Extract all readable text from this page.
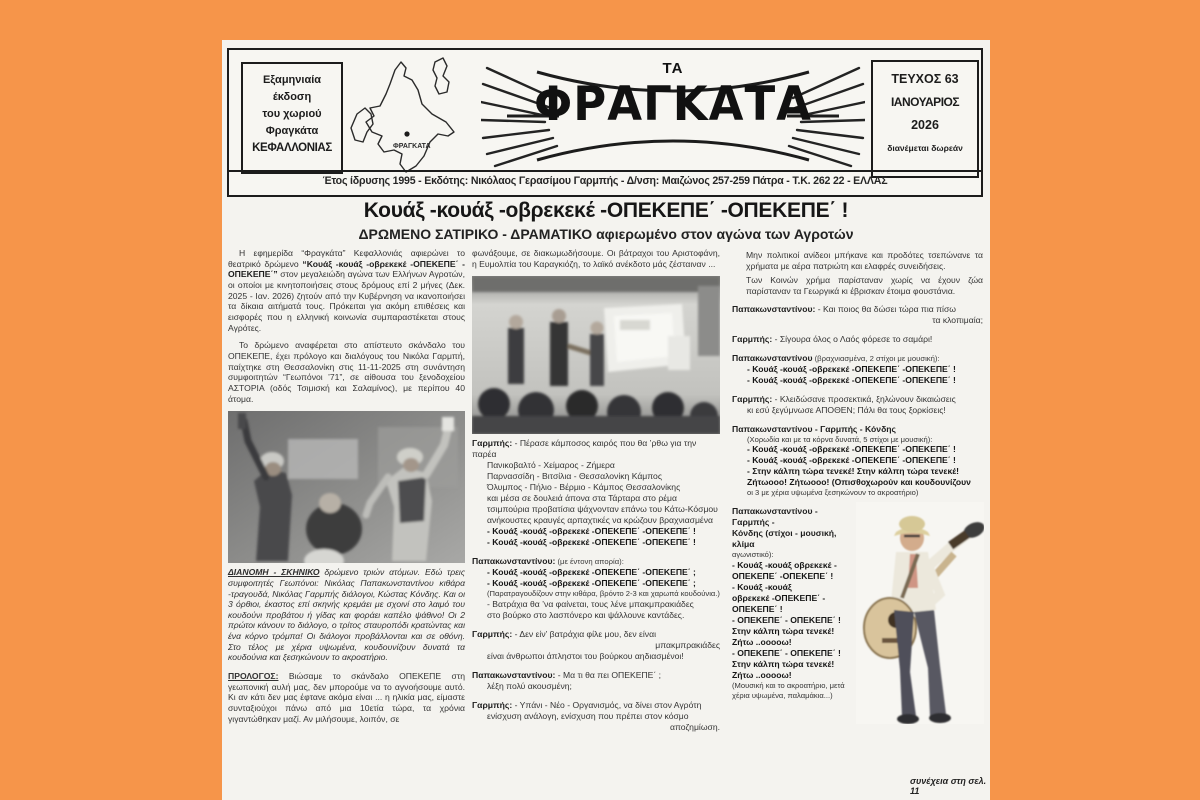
Εξαμηνιαία
έκδοση
του χωριού
Φραγκάτα
ΚΕΦΑΛΛΟΝΙΑΣ	ΦΡΑΓΚΑΤΑ
ΤΑ
ΦΡΑΓΚΑΤΑ	ΤΕΥΧΟΣ 63
ΙΑΝΟΥΑΡΙΟΣ
2026
διανέμεται δωρεάν
Έτος ίδρυσης 1995 - Εκδότης: Νικόλαος Γερασίμου Γαρμπής - Δ/νση: Μαιζώνος 257-259 Πάτρα - Τ.Κ. 262 22 - ΕΛΛΑΣ
Κουάξ -κουάξ -οβρεκεκέ -ΟΠΕΚΕΠΕ΄ -ΟΠΕΚΕΠΕ΄ !
ΔΡΩΜΕΝΟ ΣΑΤΙΡΙΚΟ - ΔΡΑΜΑΤΙΚΟ αφιερωμένο στον αγώνα των Αγροτών

Η εφημερίδα “Φραγκάτα” Κεφαλλονιάς αφιερώνει το θεατρικό δρώμενο “Κουάξ -κουάξ -οβρεκεκέ -ΟΠΕΚΕΠΕ΄ - ΟΠΕΚΕΠΕ΄” στον μεγαλειώδη αγώνα των Ελλήνων Αγροτών, οι οποίοι με κινητοποιήσεις στους δρόμους επί 2 μήνες (Δεκ. 2025 - Ιαν. 2026) ζητούν από την Κυβέρνηση να ικανοποιήσει τα δίκαια αιτήματά τους. Πρόκειται για ακόμη επιθέσεις και εισφορές που η ελληνική κοινωνία συμπαραστέκεται στους Αγρότες.

Το δρώμενο αναφέρεται στο απίστευτο σκάνδαλο του ΟΠΕΚΕΠΕ, έχει πρόλογο και διαλόγους του Νικόλα Γαρμπή, παίχτηκε στη Θεσσαλονίκη στις 11-11-2025 στη συνάντηση συμφοιτητών “Γεωπόνοι ’71”, σε αίθουσα του ξενοδοχείου ΑΣΤΟΡΙΑ (οδός Τσιμισκή και Σαλαμίνος), με περίπου 40 άτομα.

ΔΙΑΝΟΜΗ - ΣΚΗΝΙΚΟ δρώμενο τριών ατόμων. Εδώ τρεις συμφοιτητές Γεωπόνοι: Νικόλας Παπακωνσταντίνου κιθάρα -τραγουδά, Νικόλας Γαρμπής διάλογοι, Κώστας Κόνδης. Και οι 3 όρθιοι, έκαστος επί σκηνής κρεμάει με σχοινί στο λαιμό του κουδούνι προβάτου ή γίδας και φοράει καπέλο ψάθινο! Οι 2 πρώτοι κάνουν το διάλογο, ο τρίτος σταυροπόδι κρατώντας και ένα κόρνο τρόμπα! Οι διάλογοι προβάλλονται και σε οθόνη. Στο τέλος με χέρια υψωμένα, κουδουνίζουν δυνατά τα κουδούνια και ξεσηκώνουν το ακροατήριο.

ΠΡΟΛΟΓΟΣ: Βιώσαμε το σκάνδαλο ΟΠΕΚΕΠΕ στη γεωπονική αυλή μας, δεν μπορούμε να το αγνοήσουμε αυτό. Κι αν κάτι δεν μας έφτανε ακόμα είναι ... η ηλικία μας, είμαστε συνταξιούχοι πάνω από μια 10ετία τώρα, τα χρόνια γιγαντώθηκαν μαζί. Αν μιλήσουμε, λοιπόν, σε

φωνάξουμε, σε διακωμωδήσουμε. Οι βάτραχοι του Αριστοφάνη, η Ευμολπία του Καραγκιόζη, το λαϊκό ανέκδοτο μάς ζέσταιναν ...

Γαρμπής: - Πέρασε κάμποσος καιρός που θα ’ρθω για την παρέα
Πανικοβαλτό - Χείμαρος - Ζήμερα
Παρνασσίδη - Βιτσίλια - Θεσσαλονίκη Κάμπος
Όλυμπος - Πήλιο - Βέρμιο - Κάμπος Θεσσαλονίκης
και μέσα σε δουλειά άπονα στα Τάρταρα στο ρέμα
τσιμπούρια προβατίσια ψάχνονταν επάνω του Κάτω-Κόσμου
ανήκουστες κραυγές αρπαχτικές να κρώζουν βραχνιασμένα
- Κουάξ -κουάξ -οβρεκεκέ -ΟΠΕΚΕΠΕ΄ -ΟΠΕΚΕΠΕ΄ !
- Κουάξ -κουάξ -οβρεκεκέ -ΟΠΕΚΕΠΕ΄ -ΟΠΕΚΕΠΕ΄ !
Παπακωνσταντίνου: (με έντονη απορία):
- Κουάξ -κουάξ -οβρεκεκέ -ΟΠΕΚΕΠΕ΄ -ΟΠΕΚΕΠΕ΄ ;
- Κουάξ -κουάξ -οβρεκεκέ -ΟΠΕΚΕΠΕ΄ -ΟΠΕΚΕΠΕ΄ ;
(Παρατραγουδίζουν στην κιθάρα, βρόντο 2-3 και χαρωπά κουδούνια.)
- Βατράχια θα ’να φαίνεται, τους λένε μπακμπρακιάδες
στο βούρκο στο λασπόνερο και ψάλλουνε καντάδες.
Γαρμπής: - Δεν είν’ βατράχια φίλε μου, δεν είναι
μπακμπρακιάδες
είναι άνθρωποι άπληστοι του βούρκου αηδιασμένοι!
Παπακωνσταντίνου: - Μα τι θα πει ΟΠΕΚΕΠΕ΄ ;
λέξη πολύ ακουσμένη;
Γαρμπής: - Υπάνι - Νέο - Οργανισμός, να δίνει στον Αγρότη
ενίσχυση ανάλογη, ενίσχυση που πρέπει στον κόσμο
αποζημίωση.

Μην πολιτικοί ανίδεοι μπήκανε και προδότες τσεπώνανε τα χρήματα με αέρα πατριώτη και ελαφρές συνειδήσεις.

Των Κοινών χρήμα παρίσταναν χωρίς να έχουν ζώα παρίσταναν τα Γεωργικά κι έβρισκαν έτοιμα φουστάνια.

Παπακωνσταντίνου: - Και ποιος θα δώσει τώρα πια πίσω
τα κλοπιμαία;
Γαρμπής: - Σίγουρα όλος ο Λαός φόρεσε το σαμάρι!
Παπακωνσταντίνου (βραχνιασμένα, 2 στίχοι με μουσική):
- Κουάξ -κουάξ -οβρεκεκέ -ΟΠΕΚΕΠΕ΄ -ΟΠΕΚΕΠΕ΄ !
- Κουάξ -κουάξ -οβρεκεκέ -ΟΠΕΚΕΠΕ΄ -ΟΠΕΚΕΠΕ΄ !
Γαρμπής: - Κλειδώσανε προσεκτικά, ξηλώνουν δικαιώσεις
κι εσύ ξεγύμνωσε ΑΠΟΘΕΝ; Πάλι θα τους ξορκίσεις!
Παπακωνσταντίνου - Γαρμπής - Κόνδης
(Χορωδία και με τα κόρνα δυνατά, 5 στίχοι με μουσική):
- Κουάξ -κουάξ -οβρεκεκέ -ΟΠΕΚΕΠΕ΄ -ΟΠΕΚΕΠΕ΄ !
- Κουάξ -κουάξ -οβρεκεκέ -ΟΠΕΚΕΠΕ΄ -ΟΠΕΚΕΠΕ΄ !
- Στην κάλπη τώρα τενεκέ! Στην κάλπη τώρα τενεκέ!
Ζήτωοοο! Ζήτωοοο! (Οπισθοχωρούν και κουδουνίζουν
οι 3 με χέρια υψωμένα ξεσηκώνουν το ακροατήριο)
Παπακωνσταντίνου - Γαρμπής -
Κόνδης (στίχοι - μουσική, κλίμα
αγωνιστικό):
- Κουάξ -κουάξ οβρεκεκέ -
ΟΠΕΚΕΠΕ΄ -ΟΠΕΚΕΠΕ΄ !
- Κουάξ -κουάξ
οβρεκεκέ -ΟΠΕΚΕΠΕ΄ -
ΟΠΕΚΕΠΕ΄ !
- ΟΠΕΚΕΠΕ΄ - ΟΠΕΚΕΠΕ΄ !
Στην κάλπη τώρα τενεκέ!
Ζήτω ..οοοοω!
- ΟΠΕΚΕΠΕ΄ - ΟΠΕΚΕΠΕ΄ !
Στην κάλπη τώρα τενεκέ!
Ζήτω ..οοοοω!
(Μουσική και το ακροατήριο, μετά
χέρια υψωμένα, παλαμάκια...)
συνέχεια στη σελ. 11
